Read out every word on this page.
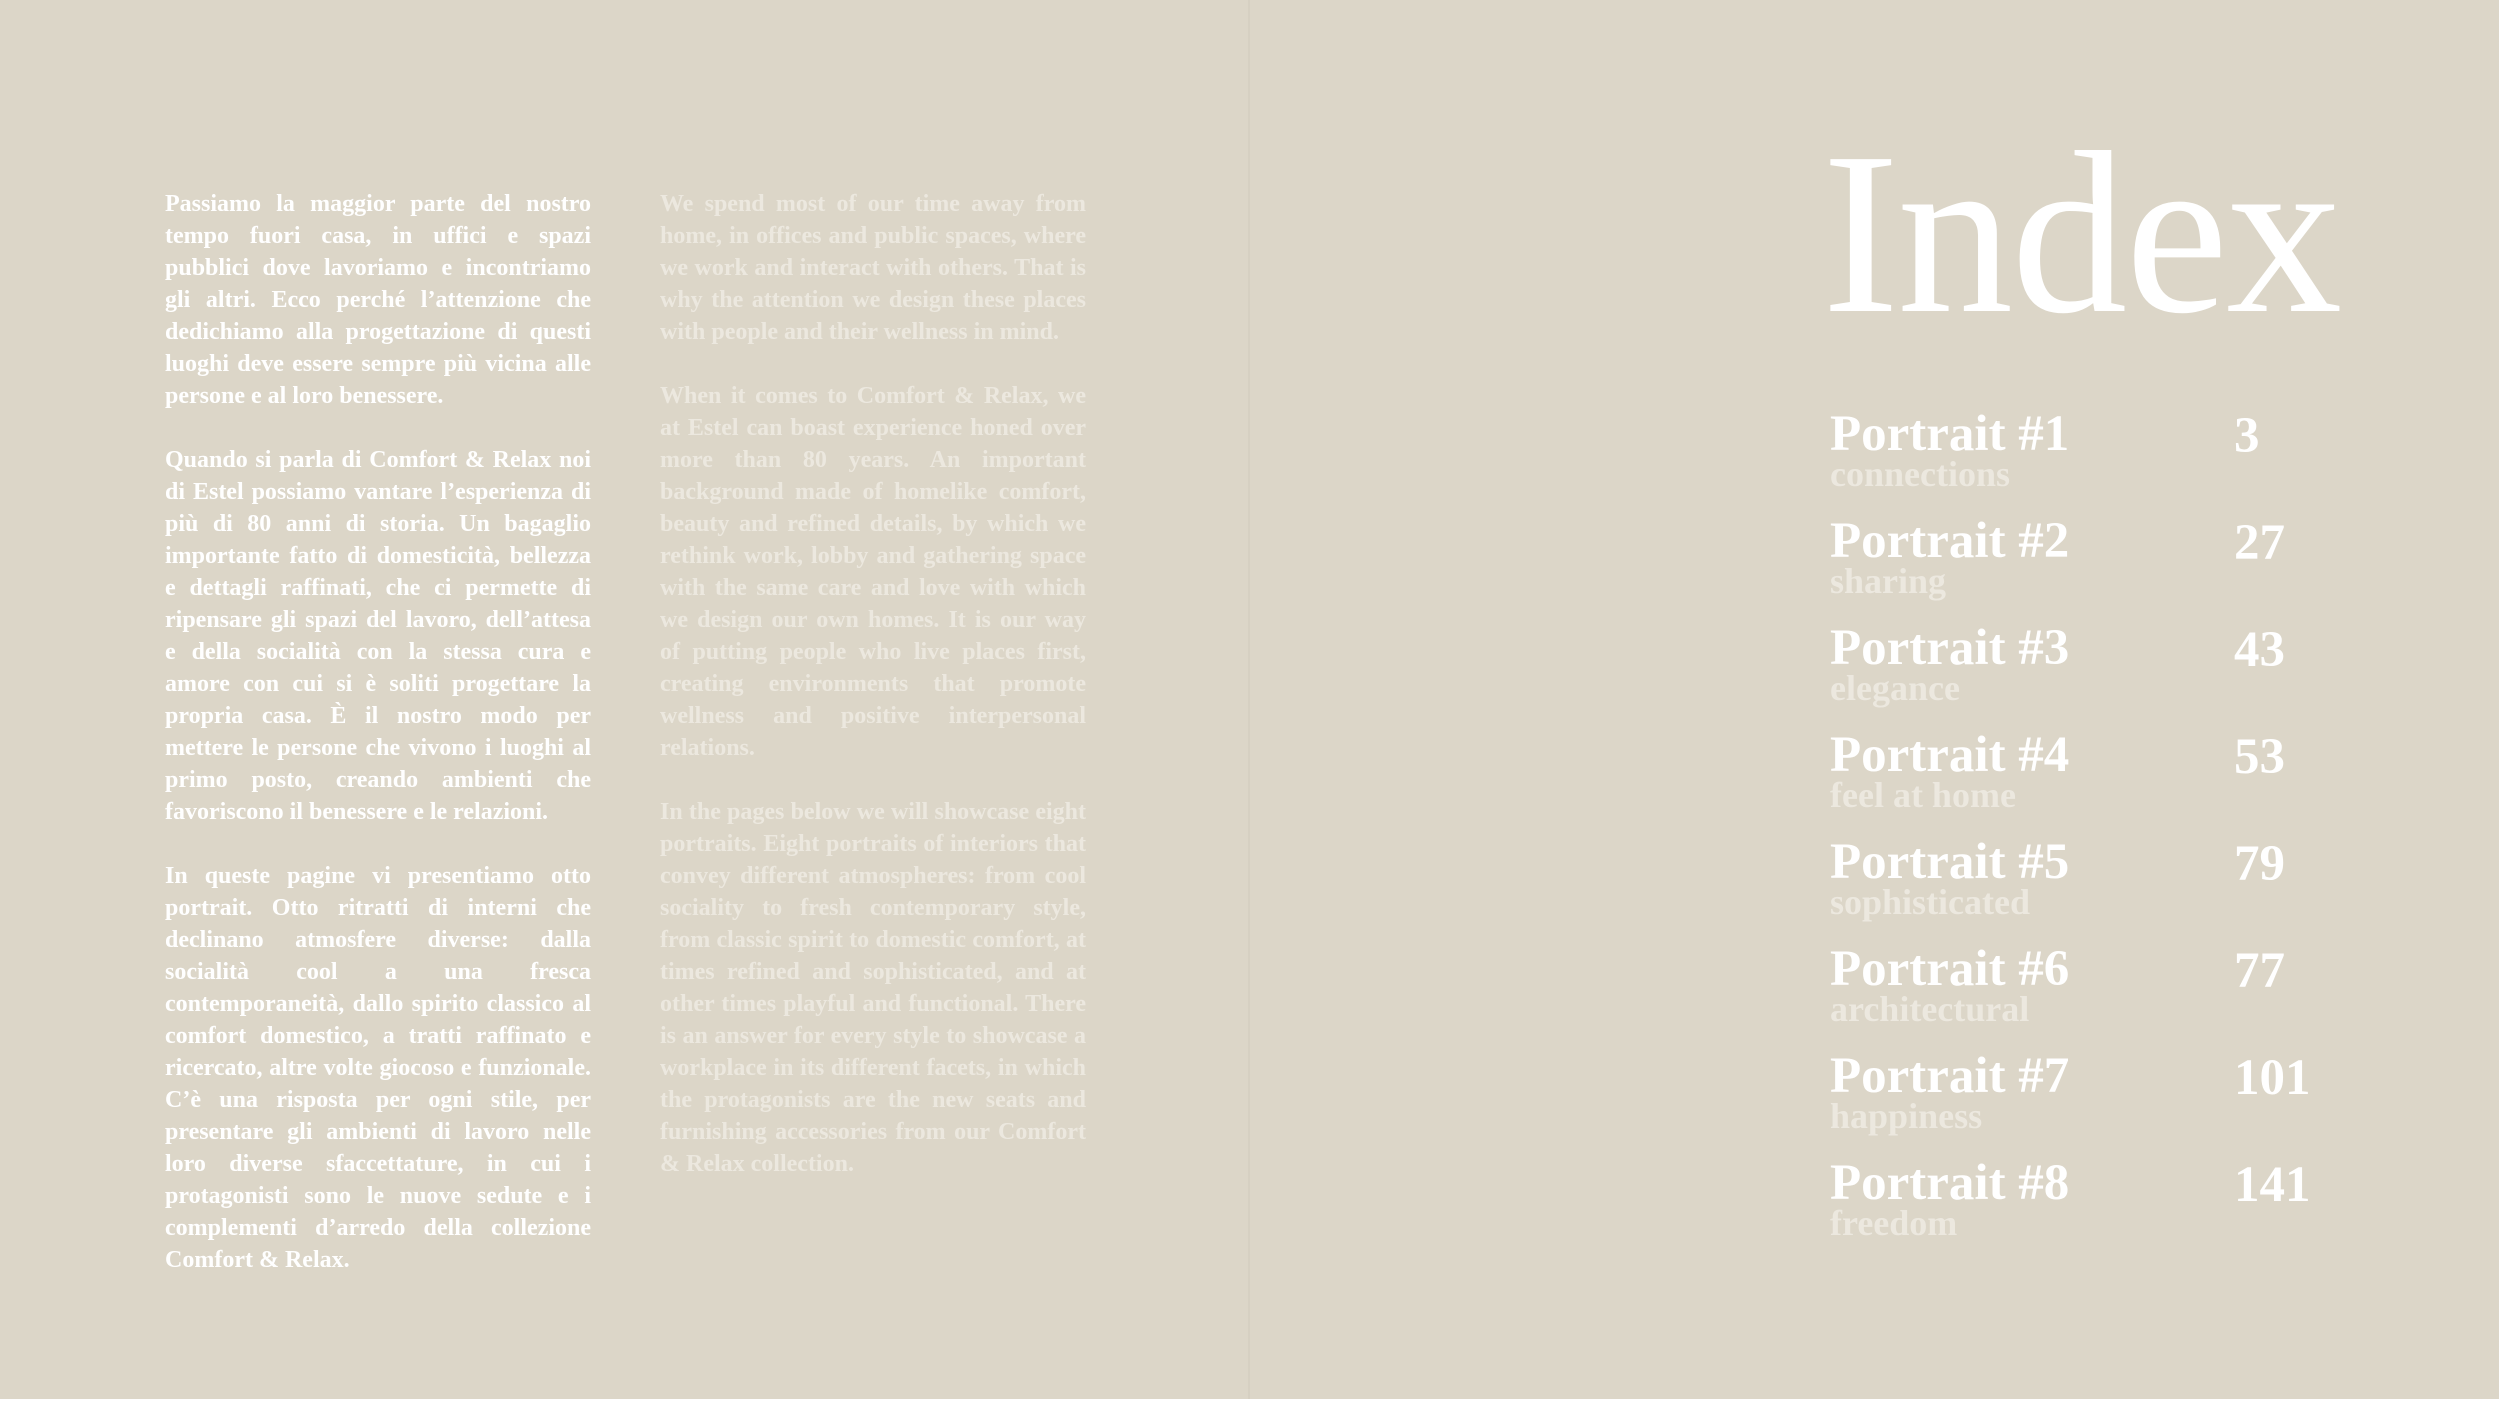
Passiamo la maggior parte del nostro tempo fuori casa, in uffici e spazi pubblici dove lavoriamo e incontriamo gli altri. Ecco perché l’attenzione che dedichiamo alla progettazione di questi luoghi deve essere sempre più vicina alle persone e al loro benessere.

Quando si parla di Comfort & Relax noi di Estel possiamo vantare l’esperienza di più di 80 anni di storia. Un bagaglio importante fatto di domesticità, bellezza e dettagli raffinati, che ci permette di ripensare gli spazi del lavoro, dell’attesa e della socialità con la stessa cura e amore con cui si è soliti progettare la propria casa. È il nostro modo per mettere le persone che vivono i luoghi al primo posto, creando ambienti che favoriscono il benessere e le relazioni.

In queste pagine vi presentiamo otto portrait. Otto ritratti di interni che declinano atmosfere diverse: dalla socialità cool a una fresca contemporaneità, dallo spirito classico al comfort domestico, a tratti raffinato e ricercato, altre volte giocoso e funzionale. C’è una risposta per ogni stile, per presentare gli ambienti di lavoro nelle loro diverse sfaccettature, in cui i protagonisti sono le nuove sedute e i complementi d’arredo della collezione Comfort & Relax.

We spend most of our time away from home, in offices and public spaces, where we work and interact with others. That is why the attention we design these places with people and their wellness in mind.

When it comes to Comfort & Relax, we at Estel can boast experience honed over more than 80 years. An important background made of homelike comfort, beauty and refined details, by which we rethink work, lobby and gathering space with the same care and love with which we design our own homes. It is our way of putting people who live places first, creating environments that promote wellness and positive interpersonal relations.

In the pages below we will showcase eight portraits. Eight portraits of interiors that convey different atmospheres: from cool sociality to fresh contemporary style, from classic spirit to domestic comfort, at times refined and sophisticated, and at other times playful and functional. There is an answer for every style to showcase a workplace in its different facets, in which the protagonists are the new seats and furnishing accessories from our Comfort & Relax collection.

Index
Portrait #1
connections
3
Portrait #2
sharing
27
Portrait #3
elegance
43
Portrait #4
feel at home
53
Portrait #5
sophisticated
79
Portrait #6
architectural
77
Portrait #7
happiness
101
Portrait #8
freedom
141
